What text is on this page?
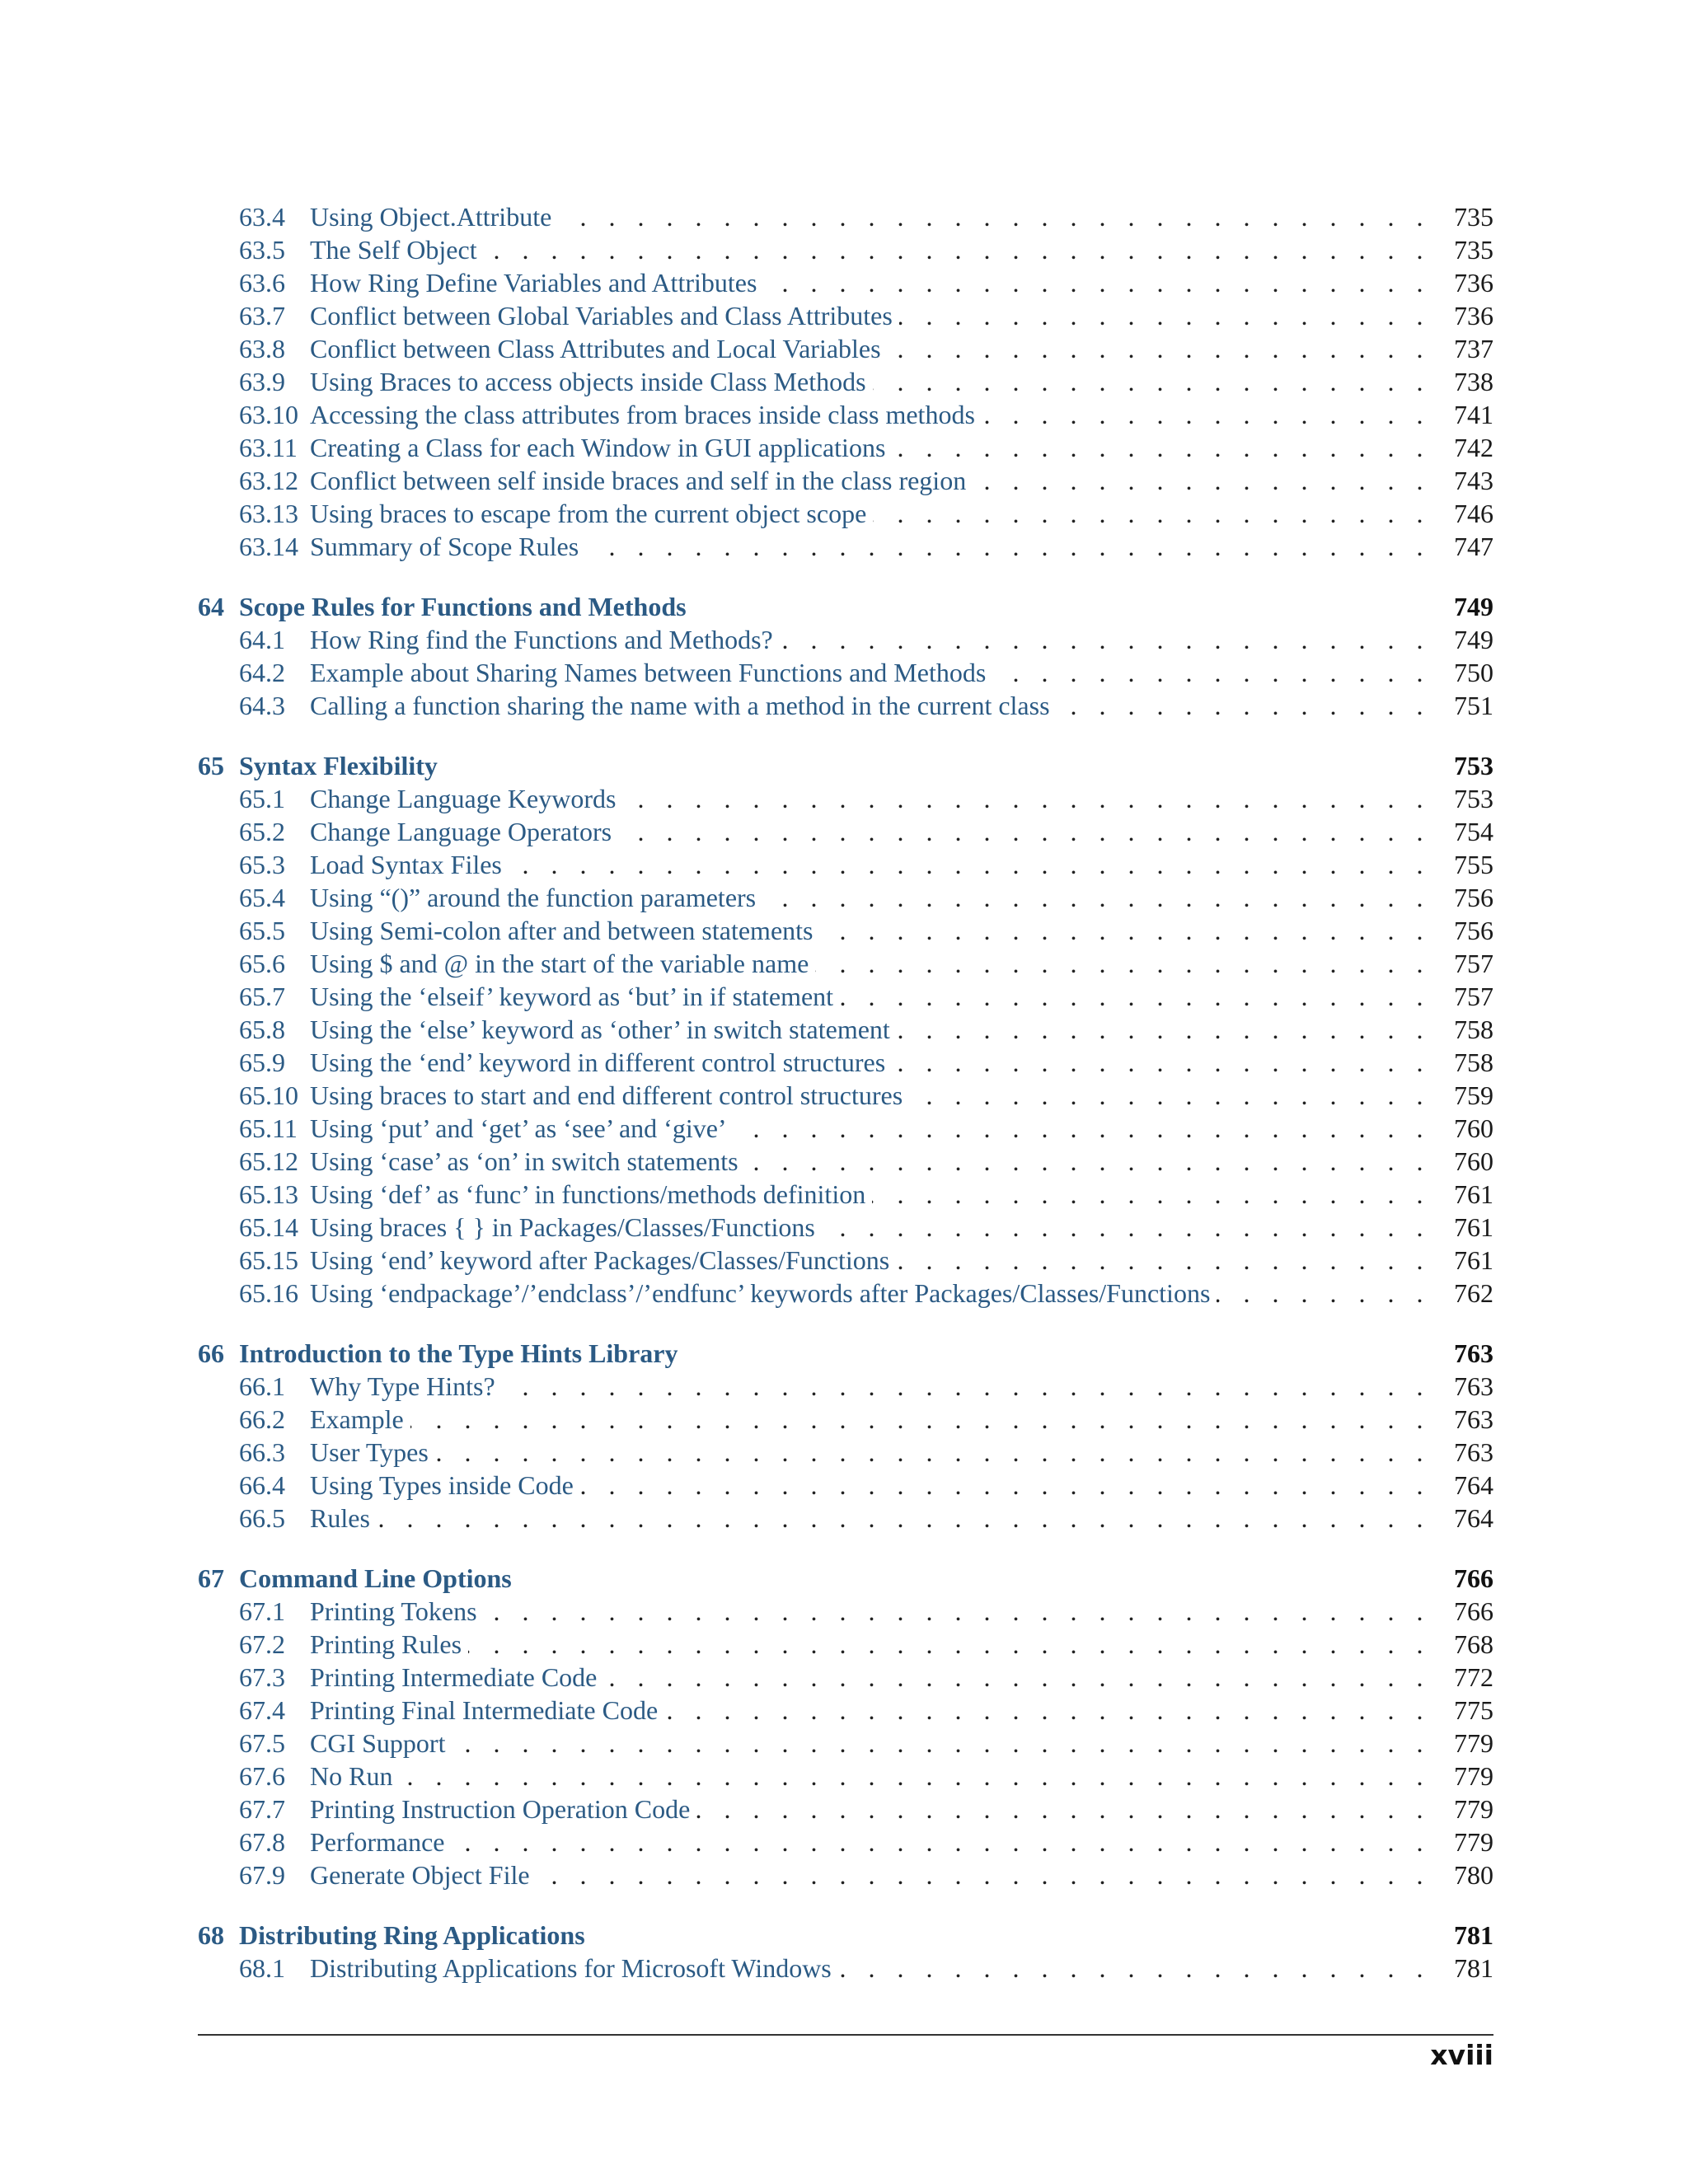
63.4 Using Object.Attribute . . .	735
63.5 The Self Object . . .	735
63.6 How Ring Define Variables and Attributes . . .	736
63.7 Conflict between Global Variables and Class Attributes . . .	736
63.8 Conflict between Class Attributes and Local Variables . . .	737
63.9 Using Braces to access objects inside Class Methods . . .	738
63.10 Accessing the class attributes from braces inside class methods . . .	741
63.11 Creating a Class for each Window in GUI applications . . .	742
63.12 Conflict between self inside braces and self in the class region . . .	743
63.13 Using braces to escape from the current object scope . . .	746
63.14 Summary of Scope Rules . . .	747
64 Scope Rules for Functions and Methods	749
64.1 How Ring find the Functions and Methods? . . .	749
64.2 Example about Sharing Names between Functions and Methods . . .	750
64.3 Calling a function sharing the name with a method in the current class . . .	751
65 Syntax Flexibility	753
65.1 Change Language Keywords . . .	753
65.2 Change Language Operators . . .	754
65.3 Load Syntax Files . . .	755
65.4 Using “()” around the function parameters . . .	756
65.5 Using Semi-colon after and between statements . . .	756
65.6 Using $ and @ in the start of the variable name . . .	757
65.7 Using the ‘elseif’ keyword as ‘but’ in if statement . . .	757
65.8 Using the ‘else’ keyword as ‘other’ in switch statement . . .	758
65.9 Using the ‘end’ keyword in different control structures . . .	758
65.10 Using braces to start and end different control structures . . .	759
65.11 Using ‘put’ and ‘get’ as ‘see’ and ‘give’ . . .	760
65.12 Using ‘case’ as ‘on’ in switch statements . . .	760
65.13 Using ‘def’ as ‘func’ in functions/methods definition . . .	761
65.14 Using braces { } in Packages/Classes/Functions . . .	761
65.15 Using ‘end’ keyword after Packages/Classes/Functions . . .	761
65.16 Using ‘endpackage’/’endclass’/’endfunc’ keywords after Packages/Classes/Functions . . .	762
66 Introduction to the Type Hints Library	763
66.1 Why Type Hints? . . .	763
66.2 Example . . .	763
66.3 User Types . . .	763
66.4 Using Types inside Code . . .	764
66.5 Rules . . .	764
67 Command Line Options	766
67.1 Printing Tokens . . .	766
67.2 Printing Rules . . .	768
67.3 Printing Intermediate Code . . .	772
67.4 Printing Final Intermediate Code . . .	775
67.5 CGI Support . . .	779
67.6 No Run . . .	779
67.7 Printing Instruction Operation Code . . .	779
67.8 Performance . . .	779
67.9 Generate Object File . . .	780
68 Distributing Ring Applications	781
68.1 Distributing Applications for Microsoft Windows . . .	781
xviii
